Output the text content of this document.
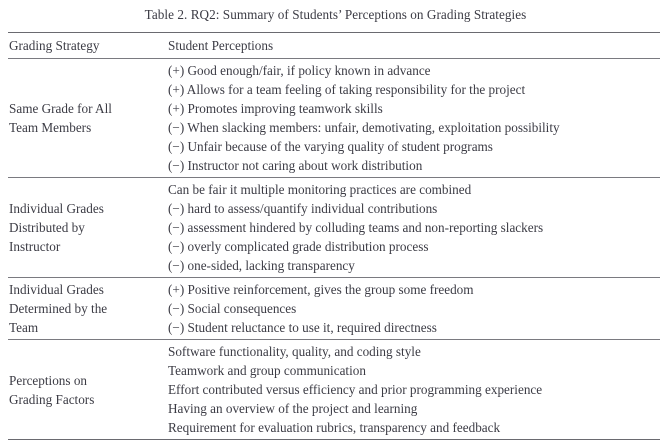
Table 2. RQ2: Summary of Students’ Perceptions on Grading Strategies
Grading Strategy	Student Perceptions
Same Grade for All
Team Members
(+) Good enough/fair, if policy known in advance
(+) Allows for a team feeling of taking responsibility for the project
(+) Promotes improving teamwork skills
(−) When slacking members: unfair, demotivating, exploitation possibility
(−) Unfair because of the varying quality of student programs
(−) Instructor not caring about work distribution
Individual Grades
Distributed by
Instructor
Can be fair it multiple monitoring practices are combined
(−) hard to assess/quantify individual contributions
(−) assessment hindered by colluding teams and non-reporting slackers
(−) overly complicated grade distribution process
(−) one-sided, lacking transparency
Individual Grades
Determined by the
Team
(+) Positive reinforcement, gives the group some freedom
(−) Social consequences
(−) Student reluctance to use it, required directness
Perceptions on
Grading Factors
Software functionality, quality, and coding style
Teamwork and group communication
Effort contributed versus efficiency and prior programming experience
Having an overview of the project and learning
Requirement for evaluation rubrics, transparency and feedback
